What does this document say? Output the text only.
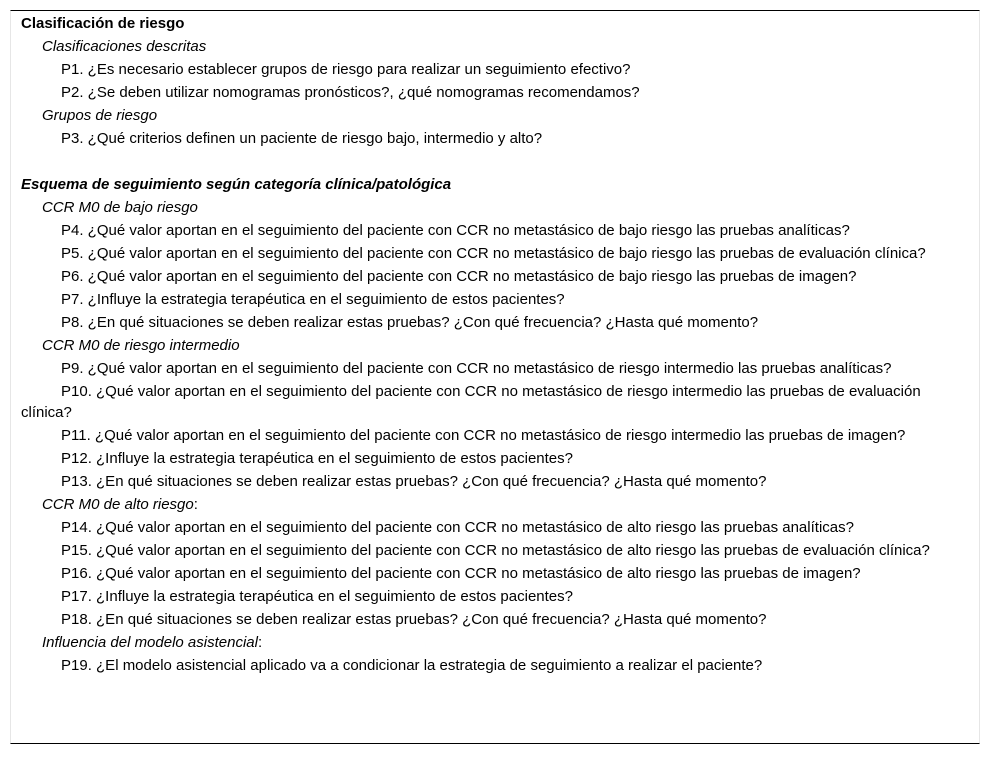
Clasificación de riesgo
Clasificaciones descritas
P1. ¿Es necesario establecer grupos de riesgo para realizar un seguimiento efectivo?
P2. ¿Se deben utilizar nomogramas pronósticos?, ¿qué nomogramas recomendamos?
Grupos de riesgo
P3. ¿Qué criterios definen un paciente de riesgo bajo, intermedio y alto?
Esquema de seguimiento según categoría clínica/patológica
CCR M0 de bajo riesgo
P4. ¿Qué valor aportan en el seguimiento del paciente con CCR no metastásico de bajo riesgo las pruebas analíticas?
P5. ¿Qué valor aportan en el seguimiento del paciente con CCR no metastásico de bajo riesgo las pruebas de evaluación clínica?
P6. ¿Qué valor aportan en el seguimiento del paciente con CCR no metastásico de bajo riesgo las pruebas de imagen?
P7. ¿Influye la estrategia terapéutica en el seguimiento de estos pacientes?
P8. ¿En qué situaciones se deben realizar estas pruebas? ¿Con qué frecuencia? ¿Hasta qué momento?
CCR M0 de riesgo intermedio
P9. ¿Qué valor aportan en el seguimiento del paciente con CCR no metastásico de riesgo intermedio las pruebas analíticas?
P10. ¿Qué valor aportan en el seguimiento del paciente con CCR no metastásico de riesgo intermedio las pruebas de evaluación clínica?
P11. ¿Qué valor aportan en el seguimiento del paciente con CCR no metastásico de riesgo intermedio las pruebas de imagen?
P12. ¿Influye la estrategia terapéutica en el seguimiento de estos pacientes?
P13. ¿En qué situaciones se deben realizar estas pruebas? ¿Con qué frecuencia? ¿Hasta qué momento?
CCR M0 de alto riesgo:
P14. ¿Qué valor aportan en el seguimiento del paciente con CCR no metastásico de alto riesgo las pruebas analíticas?
P15. ¿Qué valor aportan en el seguimiento del paciente con CCR no metastásico de alto riesgo las pruebas de evaluación clínica?
P16. ¿Qué valor aportan en el seguimiento del paciente con CCR no metastásico de alto riesgo las pruebas de imagen?
P17. ¿Influye la estrategia terapéutica en el seguimiento de estos pacientes?
P18. ¿En qué situaciones se deben realizar estas pruebas? ¿Con qué frecuencia? ¿Hasta qué momento?
Influencia del modelo asistencial:
P19. ¿El modelo asistencial aplicado va a condicionar la estrategia de seguimiento a realizar el paciente?
